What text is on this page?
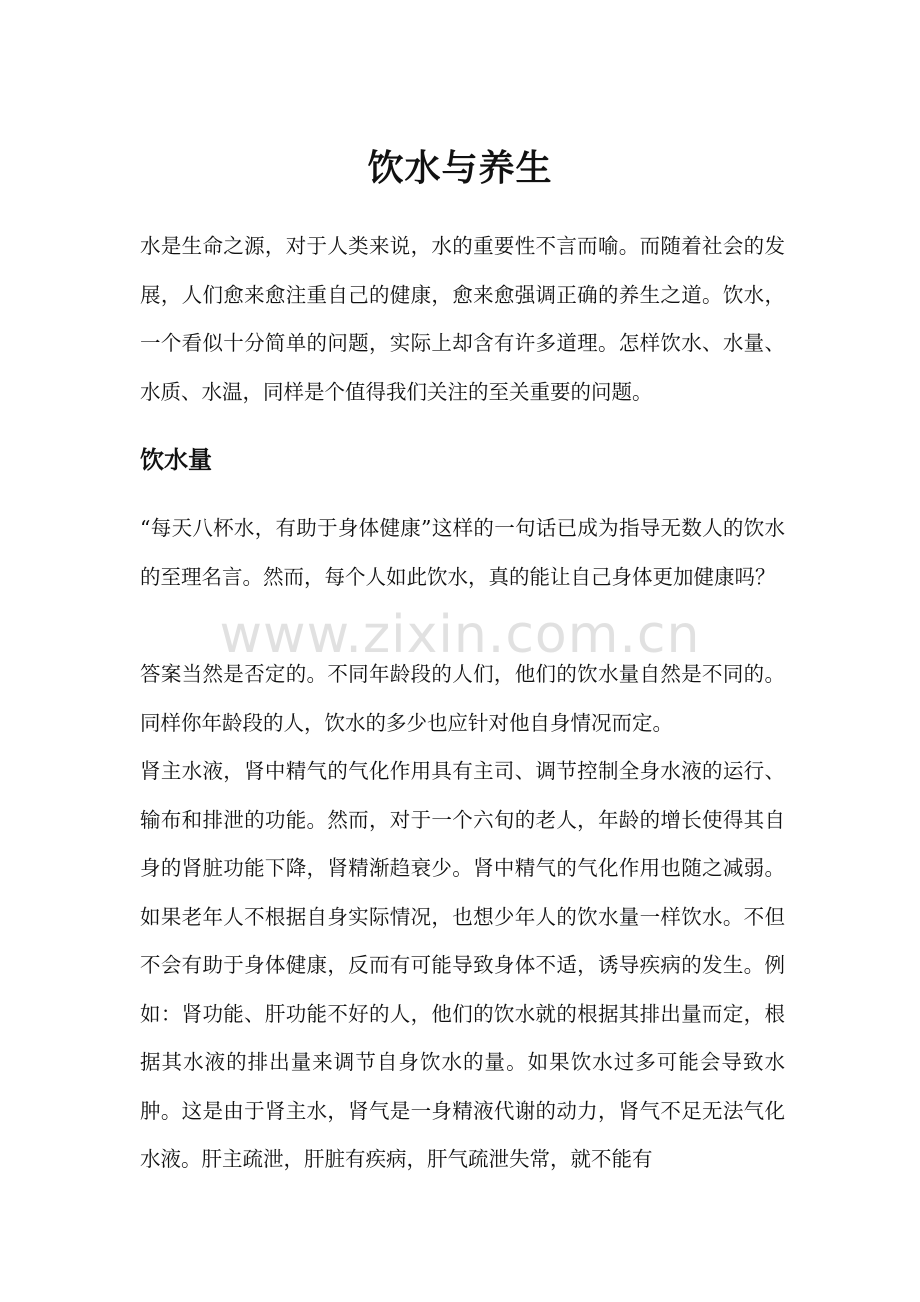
饮水与养生

水是生命之源，对于人类来说，水的重要性不言而喻。而随着社会的发展，人们愈来愈注重自己的健康，愈来愈强调正确的养生之道。饮水，一个看似十分简单的问题，实际上却含有许多道理。怎样饮水、水量、水质、水温，同样是个值得我们关注的至关重要的问题。

饮水量

“每天八杯水，有助于身体健康”这样的一句话已成为指导无数人的饮水的至理名言。然而，每个人如此饮水，真的能让自己身体更加健康吗？

答案当然是否定的。不同年龄段的人们，他们的饮水量自然是不同的。同样你年龄段的人，饮水的多少也应针对他自身情况而定。

肾主水液，肾中精气的气化作用具有主司、调节控制全身水液的运行、输布和排泄的功能。然而，对于一个六旬的老人，年龄的增长使得其自身的肾脏功能下降，肾精渐趋衰少。肾中精气的气化作用也随之减弱。如果老年人不根据自身实际情况，也想少年人的饮水量一样饮水。不但不会有助于身体健康，反而有可能导致身体不适，诱导疾病的发生。例如：肾功能、肝功能不好的人，他们的饮水就的根据其排出量而定，根据其水液的排出量来调节自身饮水的量。如果饮水过多可能会导致水肿。这是由于肾主水，肾气是一身精液代谢的动力，肾气不足无法气化水液。肝主疏泄，肝脏有疾病，肝气疏泄失常，就不能有

www.zixin.com.cn
